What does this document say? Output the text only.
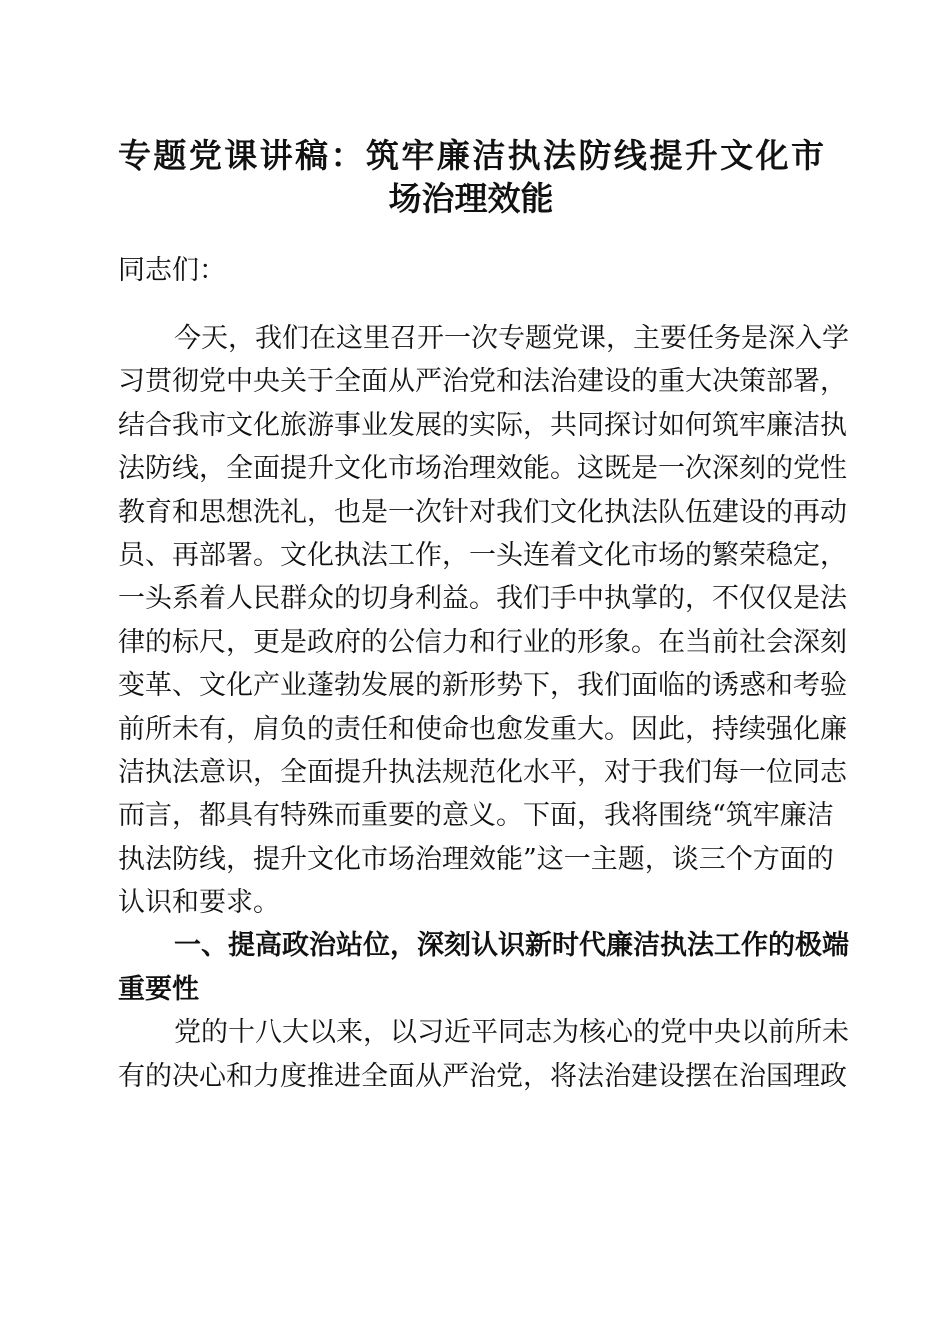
专题党课讲稿：筑牢廉洁执法防线提升文化市
场治理效能
同志们：
今天，我们在这里召开一次专题党课，主要任务是深入学
习贯彻党中央关于全面从严治党和法治建设的重大决策部署，
结合我市文化旅游事业发展的实际，共同探讨如何筑牢廉洁执
法防线，全面提升文化市场治理效能。这既是一次深刻的党性
教育和思想洗礼，也是一次针对我们文化执法队伍建设的再动
员、再部署。文化执法工作，一头连着文化市场的繁荣稳定，
一头系着人民群众的切身利益。我们手中执掌的，不仅仅是法
律的标尺，更是政府的公信力和行业的形象。在当前社会深刻
变革、文化产业蓬勃发展的新形势下，我们面临的诱惑和考验
前所未有，肩负的责任和使命也愈发重大。因此，持续强化廉
洁执法意识，全面提升执法规范化水平，对于我们每一位同志
而言，都具有特殊而重要的意义。下面，我将围绕“筑牢廉洁
执法防线，提升文化市场治理效能”这一主题，谈三个方面的
认识和要求。
一、提高政治站位，深刻认识新时代廉洁执法工作的极端
重要性
党的十八大以来，以习近平同志为核心的党中央以前所未
有的决心和力度推进全面从严治党，将法治建设摆在治国理政
